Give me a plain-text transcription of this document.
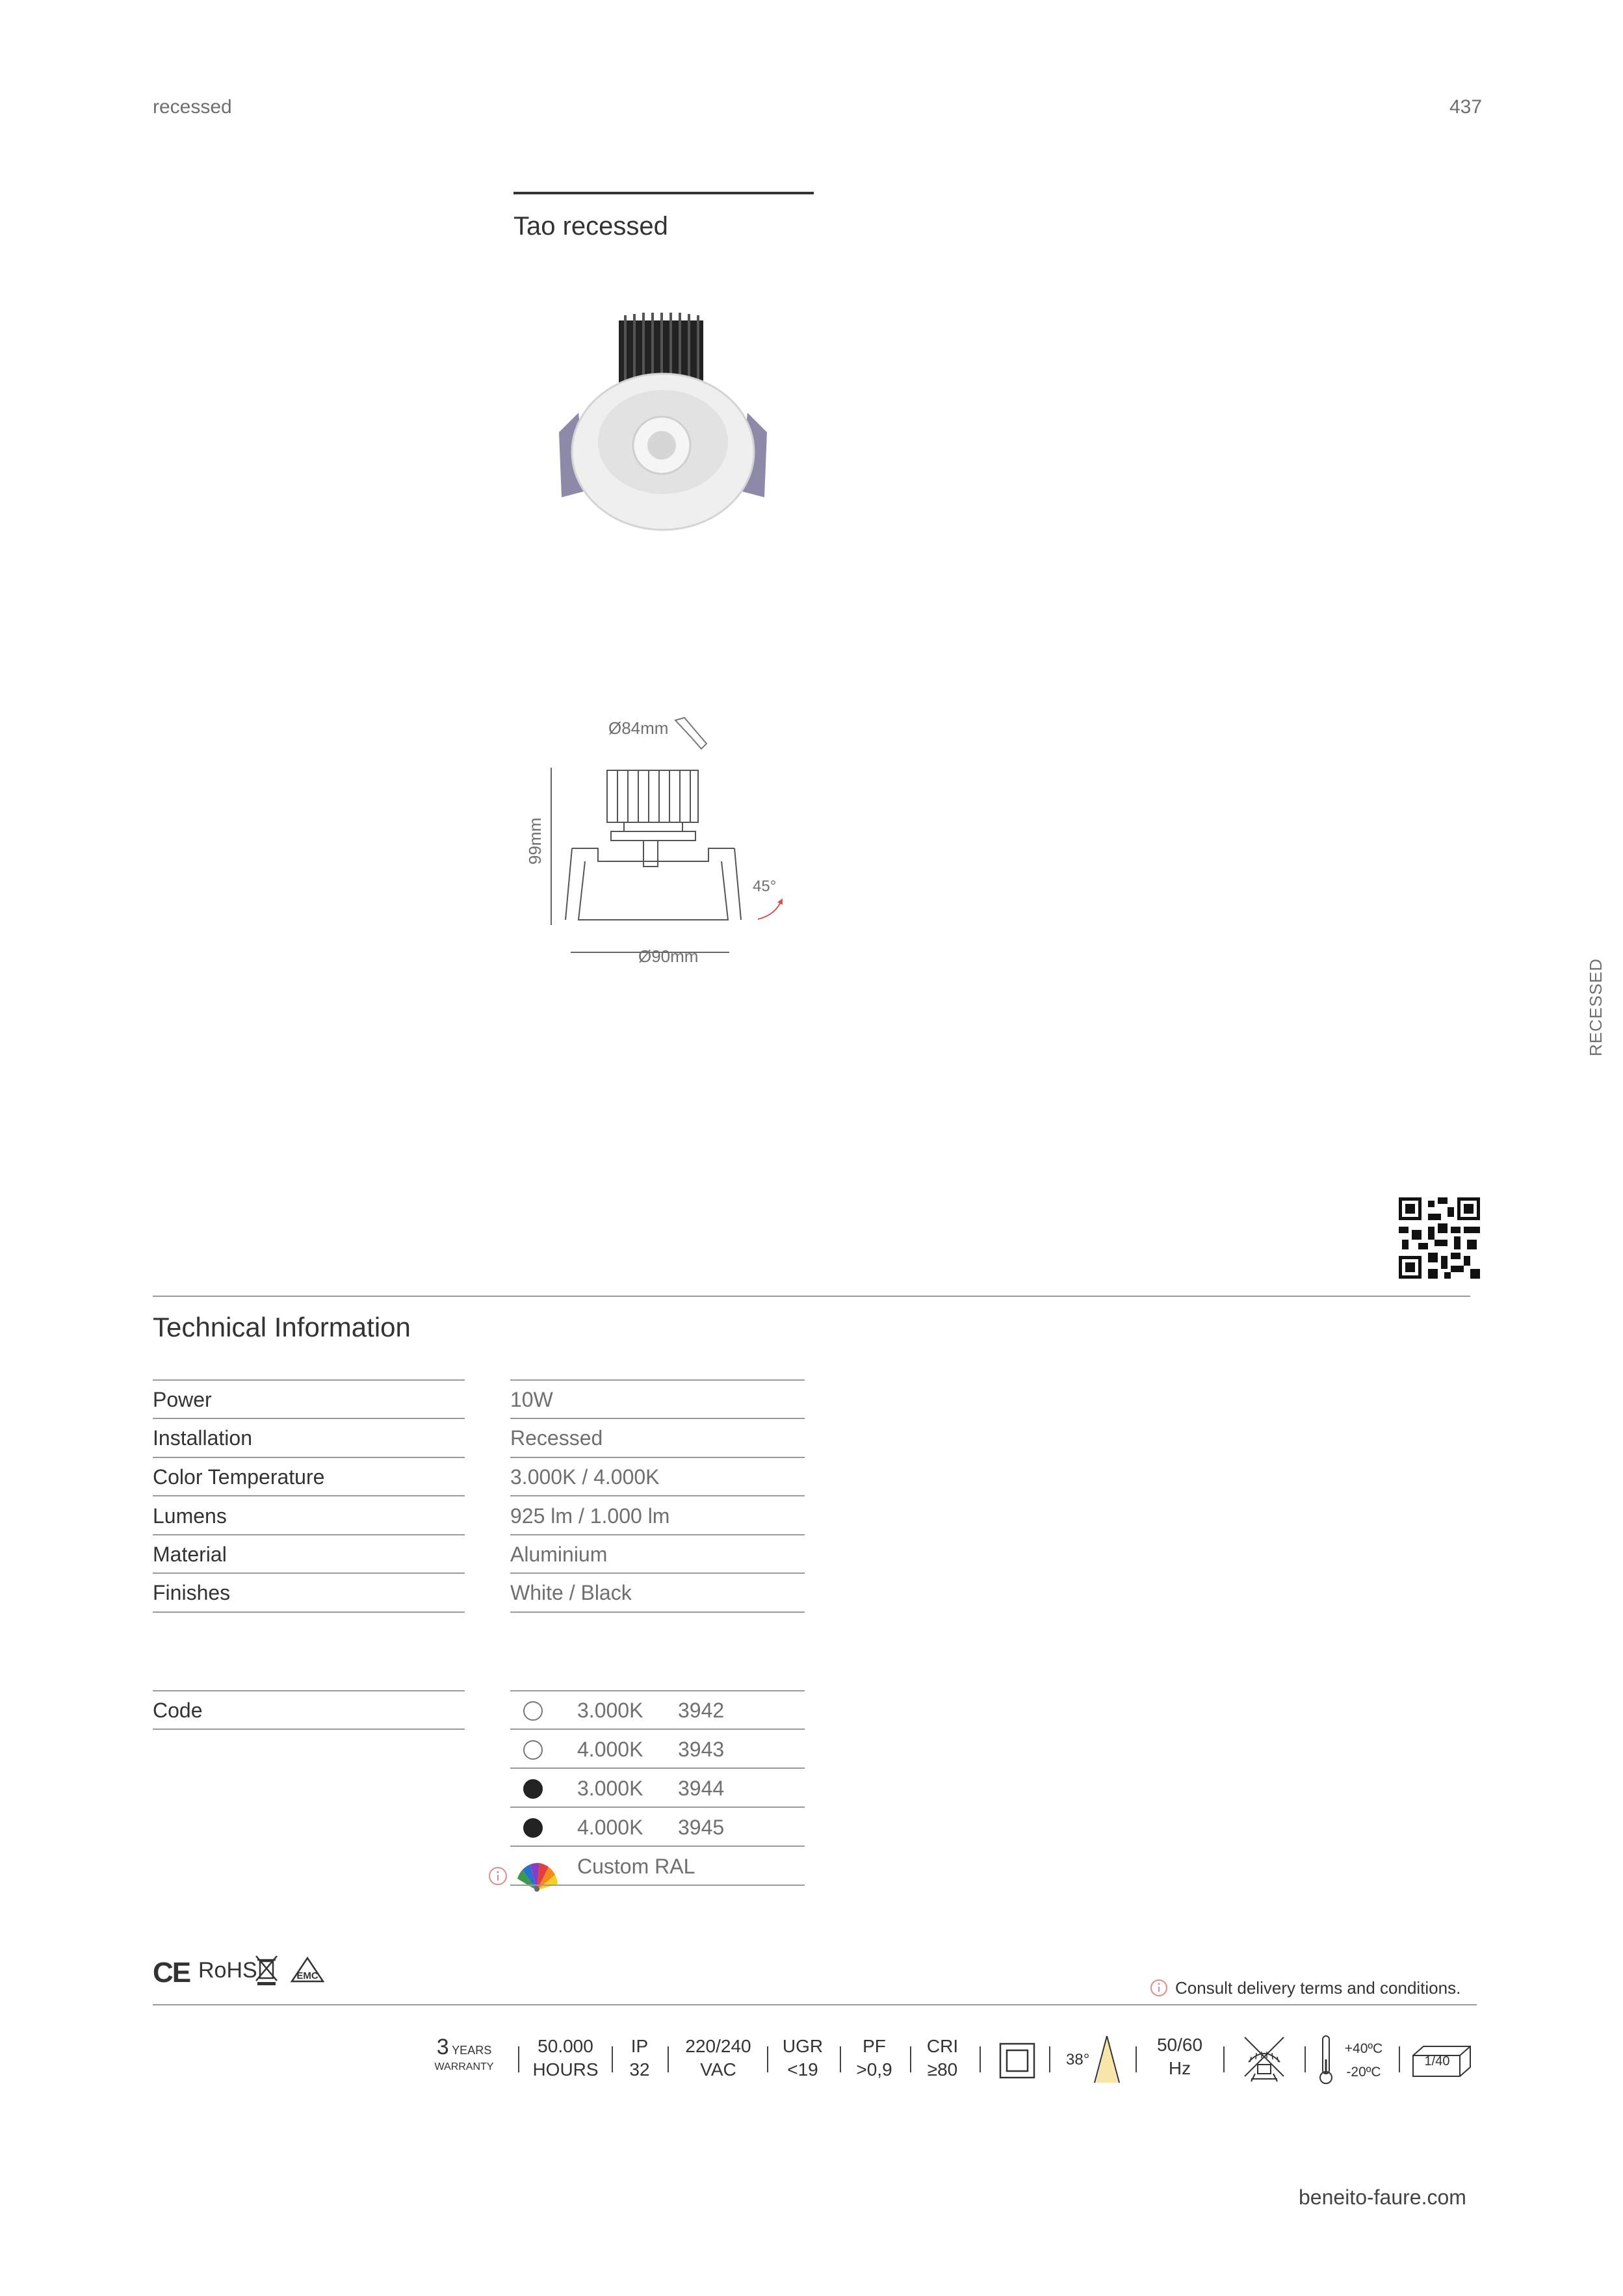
recessed	437
Tao recessed
Ø84mm
99mm
45°
Ø90mm
RECESSED
Technical Information
Power	10W
Installation	Recessed
Color Temperature	3.000K / 4.000K
Lumens	925 lm / 1.000 lm
Material	Aluminium
Finishes	White / Black
Code	3.000K 3942
4.000K 3943
3.000K 3944
4.000K 3945
Custom RAL
CE RoHS	EMC
Consult delivery terms and conditions.
3 YEARS
WARRANTY
50.000
HOURS
IP
32
220/240
VAC
UGR
<19
PF
>0,9
CRI
≥80	38°
50/60
Hz
+40ºC
-20ºC
1/40
beneito-faure.com
